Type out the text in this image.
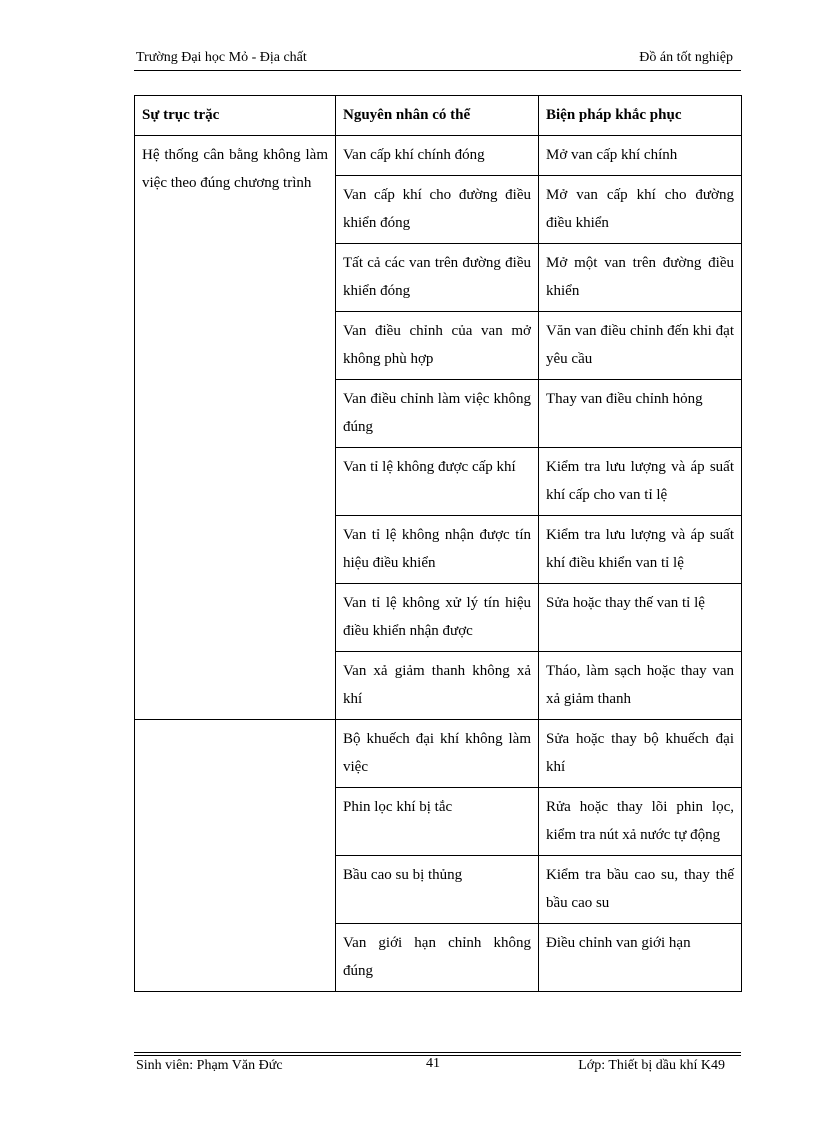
Trường Đại học Mỏ - Địa chất	Đồ án tốt nghiệp
Sự trục trặc	Nguyên nhân có thể	Biện pháp khắc phục
Hệ thống cân bằng không làm việc theo đúng chương trình	Van cấp khí chính đóng	Mở van cấp khí chính
	Van cấp khí cho đường điều khiển đóng	Mở van cấp khí cho đường điều khiển
	Tất cả các van trên đường điều khiển đóng	Mở một van trên đường điều khiển
	Van điều chỉnh của van mở không phù hợp	Văn van điều chỉnh đến khi đạt yêu cầu
	Van điều chỉnh làm việc không đúng	Thay van điều chỉnh hỏng
	Van tỉ lệ không được cấp khí	Kiểm tra lưu lượng và áp suất khí cấp cho van tỉ lệ
	Van tỉ lệ không nhận được tín hiệu điều khiển	Kiểm tra lưu lượng và áp suất khí điều khiển van tỉ lệ
	Van tỉ lệ không xử lý tín hiệu điều khiển nhận được	Sửa hoặc thay thế van tỉ lệ
	Van xả giảm thanh không xả khí	Tháo, làm sạch hoặc thay van xả giảm thanh
	Bộ khuếch đại khí không làm việc	Sửa hoặc thay bộ khuếch đại khí
	Phin lọc khí bị tắc	Rửa hoặc thay lõi phin lọc, kiểm tra nút xả nước tự động
	Bầu cao su bị thủng	Kiểm tra bầu cao su, thay thế bầu cao su
	Van giới hạn chỉnh không đúng	Điều chỉnh van giới hạn
Sinh viên: Phạm Văn Đức	41	Lớp: Thiết bị dầu khí K49
